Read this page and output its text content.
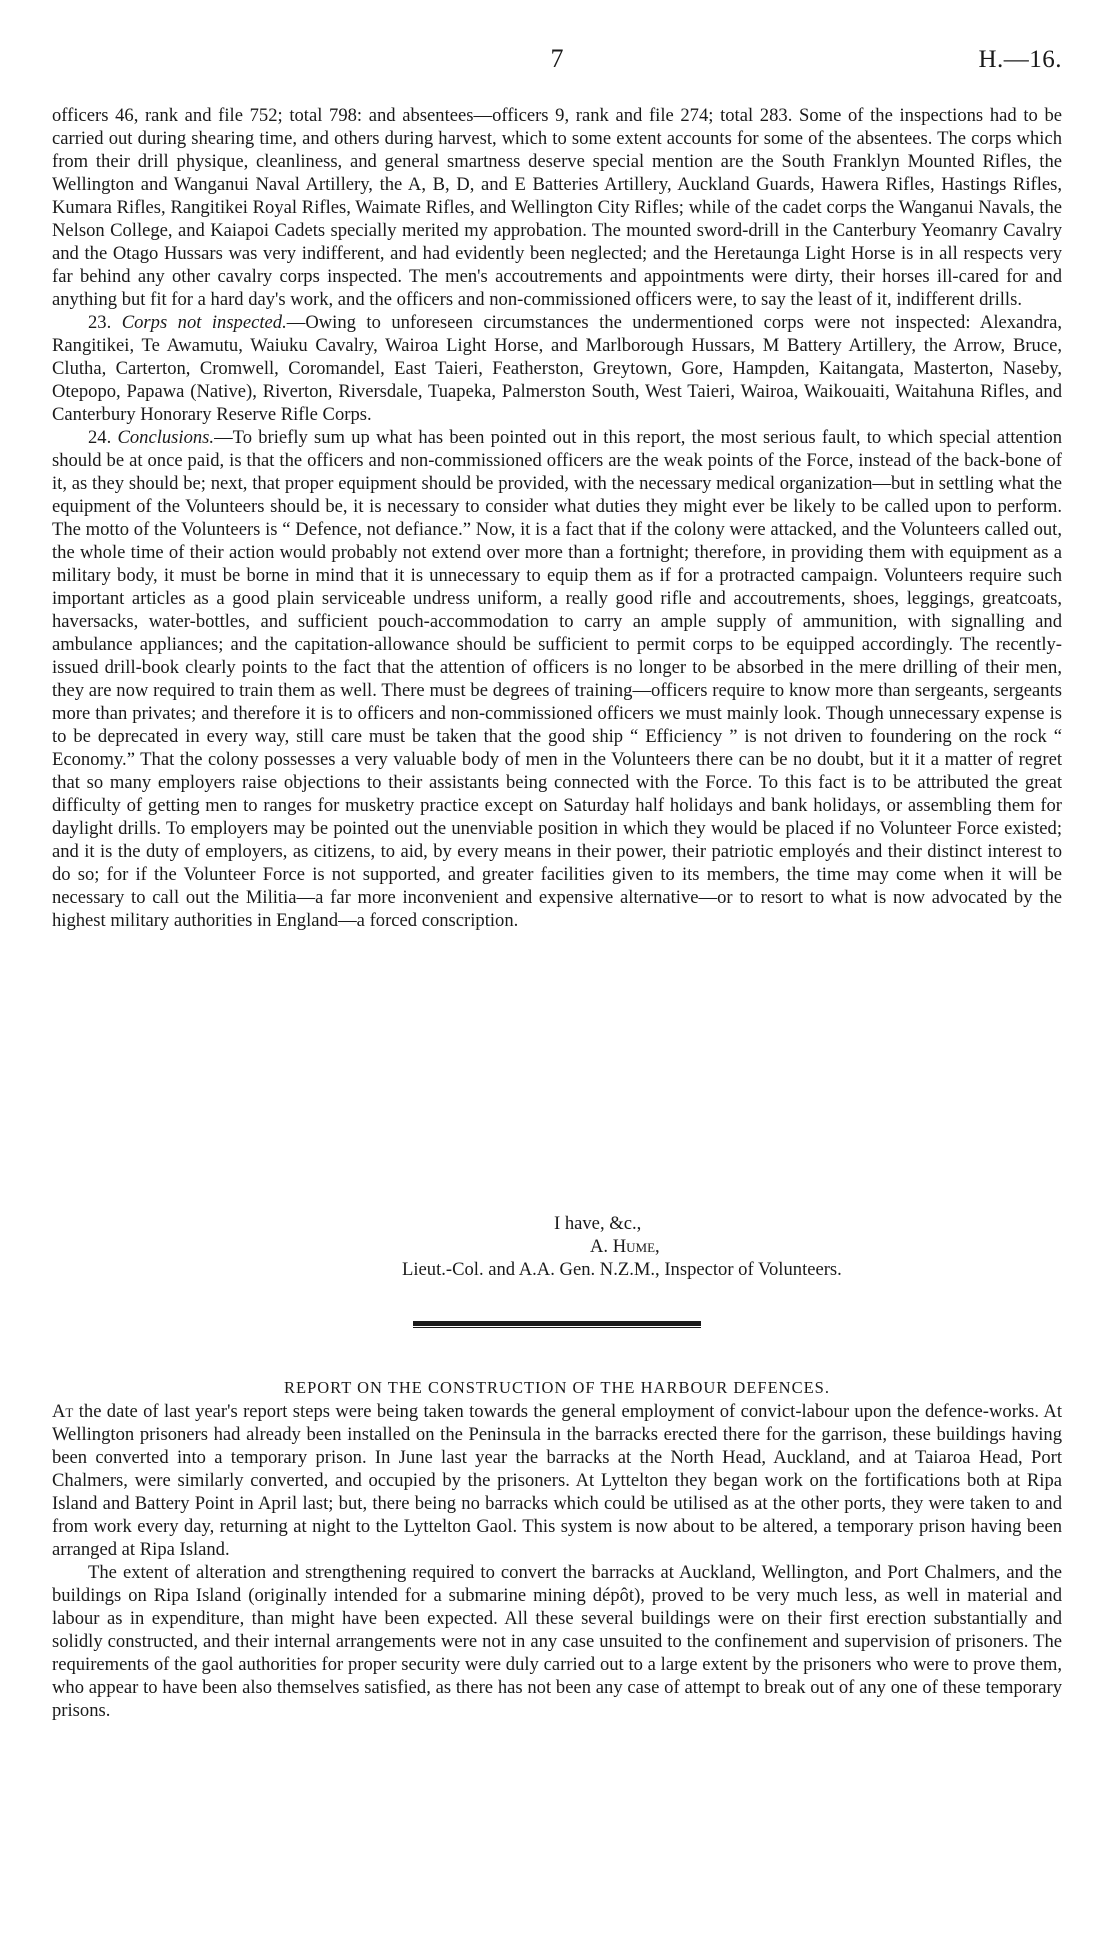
7	H.—16.

officers 46, rank and file 752; total 798: and absentees—officers 9, rank and file 274; total 283. Some of the inspections had to be carried out during shearing time, and others during harvest, which to some extent accounts for some of the absentees. The corps which from their drill physique, cleanliness, and general smartness deserve special mention are the South Franklyn Mounted Rifles, the Wellington and Wanganui Naval Artillery, the A, B, D, and E Batteries Artillery, Auckland Guards, Hawera Rifles, Hastings Rifles, Kumara Rifles, Rangitikei Royal Rifles, Waimate Rifles, and Wellington City Rifles; while of the cadet corps the Wanganui Navals, the Nelson College, and Kaiapoi Cadets specially merited my approbation. The mounted sword-drill in the Canterbury Yeomanry Cavalry and the Otago Hussars was very indifferent, and had evidently been neglected; and the Heretaunga Light Horse is in all respects very far behind any other cavalry corps inspected. The men's accoutrements and appointments were dirty, their horses ill-cared for and anything but fit for a hard day's work, and the officers and non-commissioned officers were, to say the least of it, indifferent drills.

23. Corps not inspected.—Owing to unforeseen circumstances the undermentioned corps were not inspected: Alexandra, Rangitikei, Te Awamutu, Waiuku Cavalry, Wairoa Light Horse, and Marlborough Hussars, M Battery Artillery, the Arrow, Bruce, Clutha, Carterton, Cromwell, Coromandel, East Taieri, Featherston, Greytown, Gore, Hampden, Kaitangata, Masterton, Naseby, Otepopo, Papawa (Native), Riverton, Riversdale, Tuapeka, Palmerston South, West Taieri, Wairoa, Waikouaiti, Waitahuna Rifles, and Canterbury Honorary Reserve Rifle Corps.

24. Conclusions.—To briefly sum up what has been pointed out in this report, the most serious fault, to which special attention should be at once paid, is that the officers and non-commissioned officers are the weak points of the Force, instead of the back-bone of it, as they should be; next, that proper equipment should be provided, with the necessary medical organization—but in settling what the equipment of the Volunteers should be, it is necessary to consider what duties they might ever be likely to be called upon to perform. The motto of the Volunteers is “ Defence, not defiance.” Now, it is a fact that if the colony were attacked, and the Volunteers called out, the whole time of their action would probably not extend over more than a fortnight; therefore, in providing them with equipment as a military body, it must be borne in mind that it is unnecessary to equip them as if for a protracted campaign. Volunteers require such important articles as a good plain serviceable undress uniform, a really good rifle and accoutrements, shoes, leggings, greatcoats, haversacks, water-bottles, and sufficient pouch-accommodation to carry an ample supply of ammunition, with signalling and ambulance appliances; and the capitation-allowance should be sufficient to permit corps to be equipped accordingly. The recently-issued drill-book clearly points to the fact that the attention of officers is no longer to be absorbed in the mere drilling of their men, they are now required to train them as well. There must be degrees of training—officers require to know more than sergeants, sergeants more than privates; and therefore it is to officers and non-commissioned officers we must mainly look. Though unnecessary expense is to be deprecated in every way, still care must be taken that the good ship “ Efficiency ” is not driven to foundering on the rock “ Economy.” That the colony possesses a very valuable body of men in the Volunteers there can be no doubt, but it it a matter of regret that so many employers raise objections to their assistants being connected with the Force. To this fact is to be attributed the great difficulty of getting men to ranges for musketry practice except on Saturday half holidays and bank holidays, or assembling them for daylight drills. To employers may be pointed out the unenviable position in which they would be placed if no Volunteer Force existed; and it is the duty of employers, as citizens, to aid, by every means in their power, their patriotic employés and their distinct interest to do so; for if the Volunteer Force is not supported, and greater facilities given to its members, the time may come when it will be necessary to call out the Militia—a far more inconvenient and expensive alternative—or to resort to what is now advocated by the highest military authorities in England—a forced conscription.

I have, &c.,
A. Hume,
Lieut.-Col. and A.A. Gen. N.Z.M., Inspector of Volunteers.
REPORT ON THE CONSTRUCTION OF THE HARBOUR DEFENCES.

At the date of last year's report steps were being taken towards the general employment of convict-labour upon the defence-works. At Wellington prisoners had already been installed on the Peninsula in the barracks erected there for the garrison, these buildings having been converted into a temporary prison. In June last year the barracks at the North Head, Auckland, and at Taiaroa Head, Port Chalmers, were similarly converted, and occupied by the prisoners. At Lyttelton they began work on the fortifications both at Ripa Island and Battery Point in April last; but, there being no barracks which could be utilised as at the other ports, they were taken to and from work every day, returning at night to the Lyttelton Gaol. This system is now about to be altered, a temporary prison having been arranged at Ripa Island.

The extent of alteration and strengthening required to convert the barracks at Auckland, Wellington, and Port Chalmers, and the buildings on Ripa Island (originally intended for a submarine mining dépôt), proved to be very much less, as well in material and labour as in expenditure, than might have been expected. All these several buildings were on their first erection substantially and solidly constructed, and their internal arrangements were not in any case unsuited to the confinement and supervision of prisoners. The requirements of the gaol authorities for proper security were duly carried out to a large extent by the prisoners who were to prove them, who appear to have been also themselves satisfied, as there has not been any case of attempt to break out of any one of these temporary prisons.
